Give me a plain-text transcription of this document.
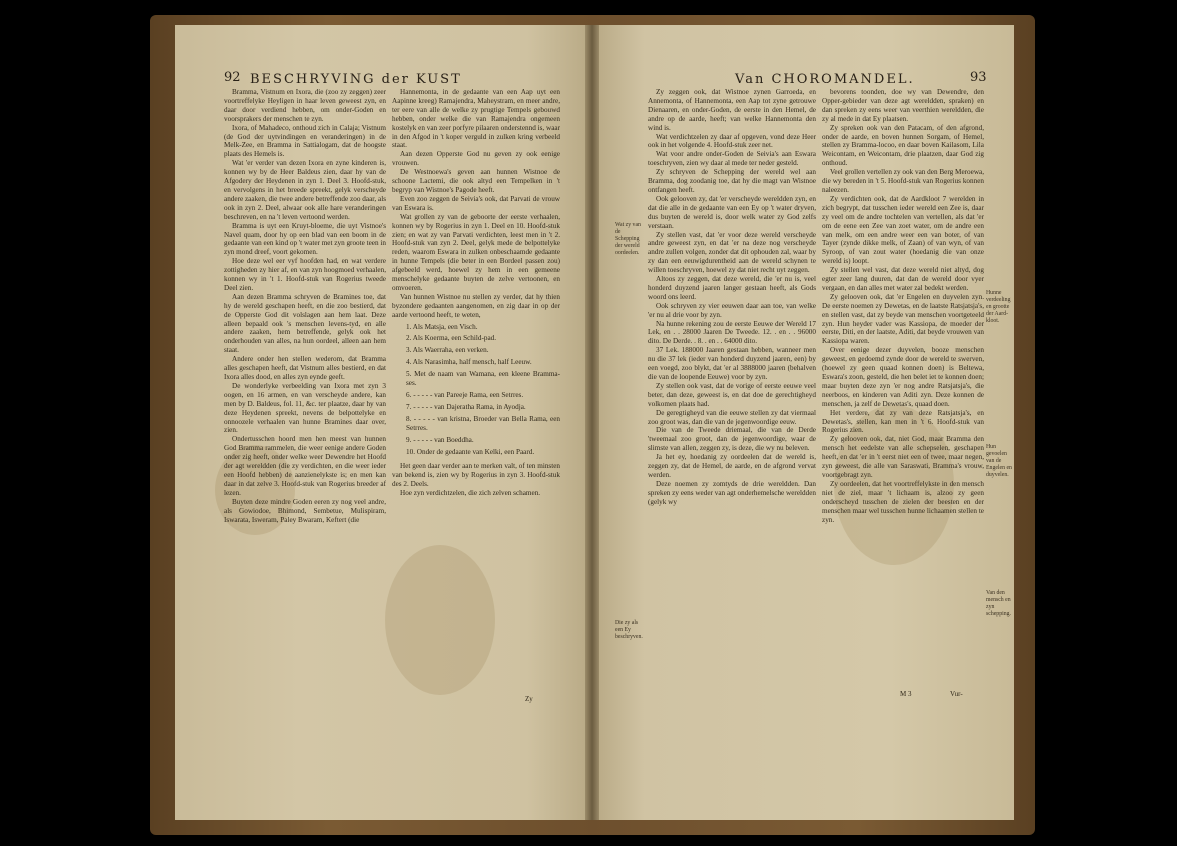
92 BESCHRYVING der KUST

Bramma, Vistnum en Ixora, die (zoo zy zeggen) zeer voortreffelyke Heyligen in haar leven geweest zyn, en daar door verdiend hebben, om onder-Goden en voorsprakers der menschen te zyn.

Ixora, of Mahadeco, onthoud zich in Calaja; Vistnum (de God der uytvindingen en veranderingen) in de Melk-Zee, en Bramma in Sattialogam, dat de hoogste plaats des Hemels is.

Wat 'er verder van dezen Ixora en zyne kinderen is, konnen wy by de Heer Baldeus zien, daar hy van de Afgodery der Heydenen in zyn 1. Deel 3. Hoofd-stuk, en vervolgens in het breede spreekt, gelyk verscheyde andere zaaken, die twee andere betreffende zoo daar, als ook in zyn 2. Deel, alwaar ook alle hare veranderingen beschreven, en na 't leven vertoond werden.

Bramma is uyt een Kruyt-bloeme, die uyt Vistnoe's Navel quam, door hy op een blad van een boom in de gedaante van een kind op 't water met zyn groote teen in zyn mond dreef, voort gekomen.

Hoe deze wel eer vyf hoofden had, en wat verdere zottigheden zy hier af, en van zyn hoogmoed verhaalen, konnen wy in 't 1. Hoofd-stuk van Rogerius tweede Deel zien.

Aan dezen Bramma schryven de Bramines toe, dat hy de wereld geschapen heeft, en die zoo bestierd, dat de Opperste God dit volslagen aan hem laat. Deze alleen bepaald ook 's menschen levens-tyd, en alle andere zaaken, hem betreffende, gelyk ook het onderhouden van alles, na hun oordeel, alleen aan hem staat.

Andere onder hen stellen wederom, dat Bramma alles geschapen heeft, dat Vistnum alles bestierd, en dat Ixora alles dood, en alles zyn eynde geeft.

De wonderlyke verbeelding van Ixora met zyn 3 oogen, en 16 armen, en van verscheyde andere, kan men by D. Baldeus, fol. 11, &c. ter plaatze, daar hy van deze Heydenen spreekt, nevens de belpottelyke en onnoozele verhaalen van hunne Bramines daar over, zien.

Ondertusschen hoord men hen meest van hunnen God Bramma rammelen, die weer eenige andere Goden onder zig heeft, onder welke weer Dewendre het Hoofd der agt wereldden (die zy verdichten, en die weer ieder een Hoofd hebben) de aanzienelykste is; en men kan daar in dat zelve 3. Hoofd-stuk van Rogerius breeder af lezen.

Buyten deze mindre Goden eeren zy nog veel andre, als Gowiodoe, Bhimond, Sembetue, Mulispiram, Iswarata, Isweram, Paley Bwaram, Keftert (die

Hannemonta, in de gedaante van een Aap uyt een Aapinne kreeg) Ramajendra, Maheystram, en meer andre, ter eere van alle de welke zy prugtige Tempels gebouwd hebben, onder welke die van Ramajendra ongemeen kostelyk en van zeer porfyre pilaaren onderstennd is, waar in den Afgod in 't koper verguld in zulken kring verbeeld staat.

Aan dezen Opperste God nu geven zy ook eenige vrouwen.

De Westnoewa's geven aan hunnen Wistnoe de schoone Lactemi, die ook altyd een Tempelken in 't begryp van Wistnoe's Pagode heeft.

Even zoo zeggen de Seivia's ook, dat Parvati de vrouw van Eswara is.

Wat grollen zy van de geboorte der eerste verhaalen, konnen wy by Rogerius in zyn 1. Deel en 10. Hoofd-stuk zien; en wat zy van Parvati verdichten, leest men in 't 2. Hoofd-stuk van zyn 2. Deel, gelyk mede de belpottelyke reden, waarom Eswara in zulken onbeschaamde gedaante in hunne Tempels (die beter in een Bordeel passen zou) afgebeeld werd, hoewel zy hem in een gemeene menschelyke gedaante buyten de zelve vertoonen, en omvoeren.

Van hunnen Wistnoe nu stellen zy verder, dat hy thien byzondere gedaanten aangenomen, en zig daar in op der aarde vertoond heeft, te weten,

1. Als Matsja, een Visch.

2. Als Koerma, een Schild-pad.

3. Als Waerraha, een verken.

4. Als Narasimha, half mensch, half Leeuw.

5. Met de naam van Wamana, een kleene Bramma-ses.

6. - - - - - van Pareeje Rama, een Setrres.

7. - - - - - van Dajeratha Rama, in Ayodja.

8. - - - - - van kristna, Broeder van Bella Rama, een Setrres.

9. - - - - - van Boeddha.

10. Onder de gedaante van Kelki, een Paard.

Het geen daar verder aan te merken valt, of ten minsten van bekend is, zien wy by Rogerius in zyn 3. Hoofd-stuk des 2. Deels.

Hoe zyn verdichtzelen, die zich zelven schamen.

Zy
Van CHOROMANDEL.	93
Wat zy van de Schepping der wereld oordeelen.
Die zy als een Ey beschryven.
Hunne verdeeling en grootte der Aard-kloot.
Hun gevoelen van de Engelen en duyvelen.
Van den mensch en zyn schepping.

Zy zeggen ook, dat Wistnoe zynen Garroeda, en Annemonta, of Hannemonta, een Aap tot zyne getrouwe Dienaaren, en onder-Goden, de eerste in den Hemel, de andre op de aarde, heeft; van welke Hannemonta den wind is.

Wat verdichtzelen zy daar af opgeven, vond deze Heer ook in het volgende 4. Hoofd-stuk zeer net.

Wat voor andre onder-Goden de Seivia's aan Eswara toeschryven, zien wy daar al mede ter neder gesteld.

Zy schryven de Schepping der wereld wel aan Bramma, dog zoodanig toe, dat hy die magt van Wistnoe ontfangen heeft.

Ook gelooven zy, dat 'er verscheyde wereldden zyn, en dat die alle in de gedaante van een Ey op 't water dryven, dus buyten de wereld is, door welk water zy God zelfs verstaan.

Zy stellen vast, dat 'er voor deze wereld verscheyde andre geweest zyn, en dat 'er na deze nog verscheyde andre zullen volgen, zonder dat dit ophouden zal, waar by zy dan een eeuwigdurentheid aan de wereld schynen te willen toeschryven, hoewel zy dat niet recht uyt zeggen.

Altoos zy zeggen, dat deze wereld, die 'er nu is, veel honderd duyzend jaaren langer gestaan heeft, als Gods woord ons leerd.

Ook schryven zy vier eeuwen daar aan toe, van welke 'er nu al drie voor by zyn.

Na hunne rekening zou de eerste Eeuwe der Wereld 17 Lek, en . . 28000 Jaaren De Tweede. 12. . en . . 96000 dito. De Derde. . 8. . en . . 64000 dito.

37 Lek. 188000 Jaaren gestaan hebben, wanneer men nu die 37 lek (ieder van honderd duyzend jaaren, een) by een voegd, zoo blykt, dat 'er al 3888000 jaaren (behalven die van de loopende Eeuwe) voor by zyn.

Zy stellen ook vast, dat de vorige of eerste eeuwe veel beter, dan deze, geweest is, en dat doe de gerechtigheyd volkomen plaats had.

De geregtigheyd van die eeuwe stellen zy dat viermaal zoo groot was, dan die van de jegenwoordige eeuw.

Die van de Tweede driemaal, die van de Derde 'tweemaal zoo groot, dan de jegenwoordige, waar de slimste van allen, zeggen zy, is deze, die wy nu beleven.

Ja het ey, hoedanig zy oordeelen dat de wereld is, zeggen zy, dat de Hemel, de aarde, en de afgrond vervat werden.

Deze noemen zy zomtyds de drie wereldden. Dan spreken zy eens weder van agt onderhemelsche wereldden (gelyk wy

bevorens toonden, doe wy van Dewendre, den Opper-gebieder van deze agt wereldden, spraken) en dan spreken zy eens weer van veerthien wereldden, die zy al mede in dat Ey plaatsen.

Zy spreken ook van den Patacam, of den afgrond, onder de aarde, en boven hunnen Sorgam, of Hemel, stellen zy Bramma-locoo, en daar boven Kailasom, Lila Weicontam, en Weicontam, drie plaatzen, daar God zig onthoud.

Veel grollen vertellen zy ook van den Berg Meroewa, die wy bereden in 't 5. Hoofd-stuk van Rogerius konnen naleezen.

Zy verdichten ook, dat de Aardkloot 7 werelden in zich begrypt, dat tusschen ieder wereld een Zee is, daar zy veel om de andre tochtelen van vertellen, als dat 'er om de eene een Zee van zoet water, om de andre een van melk, om een andre weer een van boter, of van Tayer (zynde dikke melk, of Zaan) of van wyn, of van Syroop, of van zout water (hoedanig die van onze wereld is) loopt.

Zy stellen wel vast, dat deze wereld niet altyd, dog egter zeer lang duuren, dat dan de wereld door vyer vergaan, en dan alles met water zal bedekt werden.

Zy gelooven ook, dat 'er Engelen en duyvelen zyn. De eerste noemen zy Dewetas, en de laatste Ratsjatsja's, en stellen vast, dat zy beyde van menschen voortgeteeld zyn. Hun heyder vader was Kassiopa, de moeder der eerste, Diti, en der laatste, Aditi, dat beyde vrouwen van Kassiopa waren.

Over eenige dezer duyvelen, booze menschen geweest, en gedoemd zynde door de wereld te swerven, (hoewel zy geen quaad konnen doen) is Beltewa, Eswara's zoon, gesteld, die hen belet iet te konnen doen; maar buyten deze zyn 'er nog andre Ratsjatsja's, die neerboos, en kinderen van Aditi zyn. Deze konnen de menschen, ja zelf de Dewetas's, quaad doen.

Het verdere, dat zy van deze Ratsjatsja's, en Dewetas's, stellen, kan men in 't 6. Hoofd-stuk van Rogerius zien.

Zy gelooven ook, dat, niet God, maar Bramma den mensch het eedelste van alle schepselen, geschapen heeft, en dat 'er in 't eerst niet een of twee, maar negen, zyn geweest, die alle van Saraswati, Bramma's vrouw, voortgebragt zyn.

Zy oordeelen, dat het voortreffelykste in den mensch niet de ziel, maar 't lichaam is, alzoo zy geen onderscheyd tusschen de zielen der beesten en der menschen maar wel tusschen hunne lichaamen stellen te zyn.

M 3	Vur-
